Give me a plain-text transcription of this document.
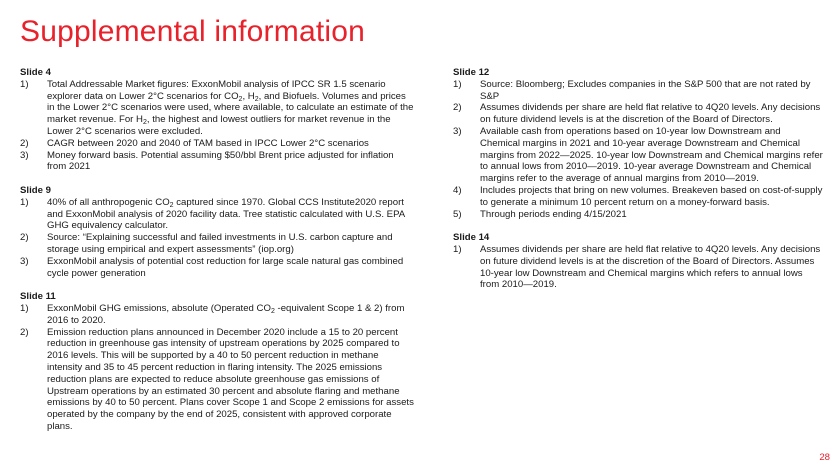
Supplemental information
Slide 4
1)	Total Addressable Market figures: ExxonMobil analysis of IPCC SR 1.5 scenario explorer data on Lower 2°C scenarios for $CO_2$, $H_2$, and Biofuels. Volumes and prices in the Lower 2°C scenarios were used, where available, to calculate an estimate of the market revenue. For $H_2$, the highest and lowest outliers for market revenue in the Lower 2°C scenarios were excluded.
2)	CAGR between 2020 and 2040 of TAM based in IPCC Lower 2°C scenarios
3)	Money forward basis. Potential assuming $50/bbl Brent price adjusted for inflation from 2021
Slide 9
1)	40% of all anthropogenic $CO_2$ captured since 1970. Global CCS Institute2020 report and ExxonMobil analysis of 2020 facility data. Tree statistic calculated with U.S. EPA GHG equivalency calculator.
2)	Source: “Explaining successful and failed investments in U.S. carbon capture and storage using empirical and expert assessments” (iop.org)
3)	ExxonMobil analysis of potential cost reduction for large scale natural gas combined cycle power generation
Slide 11
1)	ExxonMobil GHG emissions, absolute (Operated $CO_2$ -equivalent Scope 1 & 2) from 2016 to 2020.
2)	Emission reduction plans announced in December 2020 include a 15 to 20 percent reduction in greenhouse gas intensity of upstream operations by 2025 compared to 2016 levels. This will be supported by a 40 to 50 percent reduction in methane intensity and 35 to 45 percent reduction in flaring intensity. The 2025 emissions reduction plans are expected to reduce absolute greenhouse gas emissions of Upstream operations by an estimated 30 percent and absolute flaring and methane emissions by 40 to 50 percent. Plans cover Scope 1 and Scope 2 emissions for assets operated by the company by the end of 2025, consistent with approved corporate plans.
Slide 12
1)	Source: Bloomberg; Excludes companies in the S&P 500 that are not rated by S&P
2)	Assumes dividends per share are held flat relative to 4Q20 levels. Any decisions on future dividend levels is at the discretion of the Board of Directors.
3)	Available cash from operations based on 10-year low Downstream and Chemical margins in 2021 and 10-year average Downstream and Chemical margins from 2022—2025. 10-year low Downstream and Chemical margins refer to annual lows from 2010—2019. 10-year average Downstream and Chemical margins refer to the average of annual margins from 2010—2019.
4)	Includes projects that bring on new volumes. Breakeven based on cost-of-supply to generate a minimum 10 percent return on a money-forward basis.
5)	Through periods ending 4/15/2021
Slide 14
1)	Assumes dividends per share are held flat relative to 4Q20 levels. Any decisions on future dividend levels is at the discretion of the Board of Directors. Assumes 10-year low Downstream and Chemical margins which refers to annual lows from 2010—2019.
28
